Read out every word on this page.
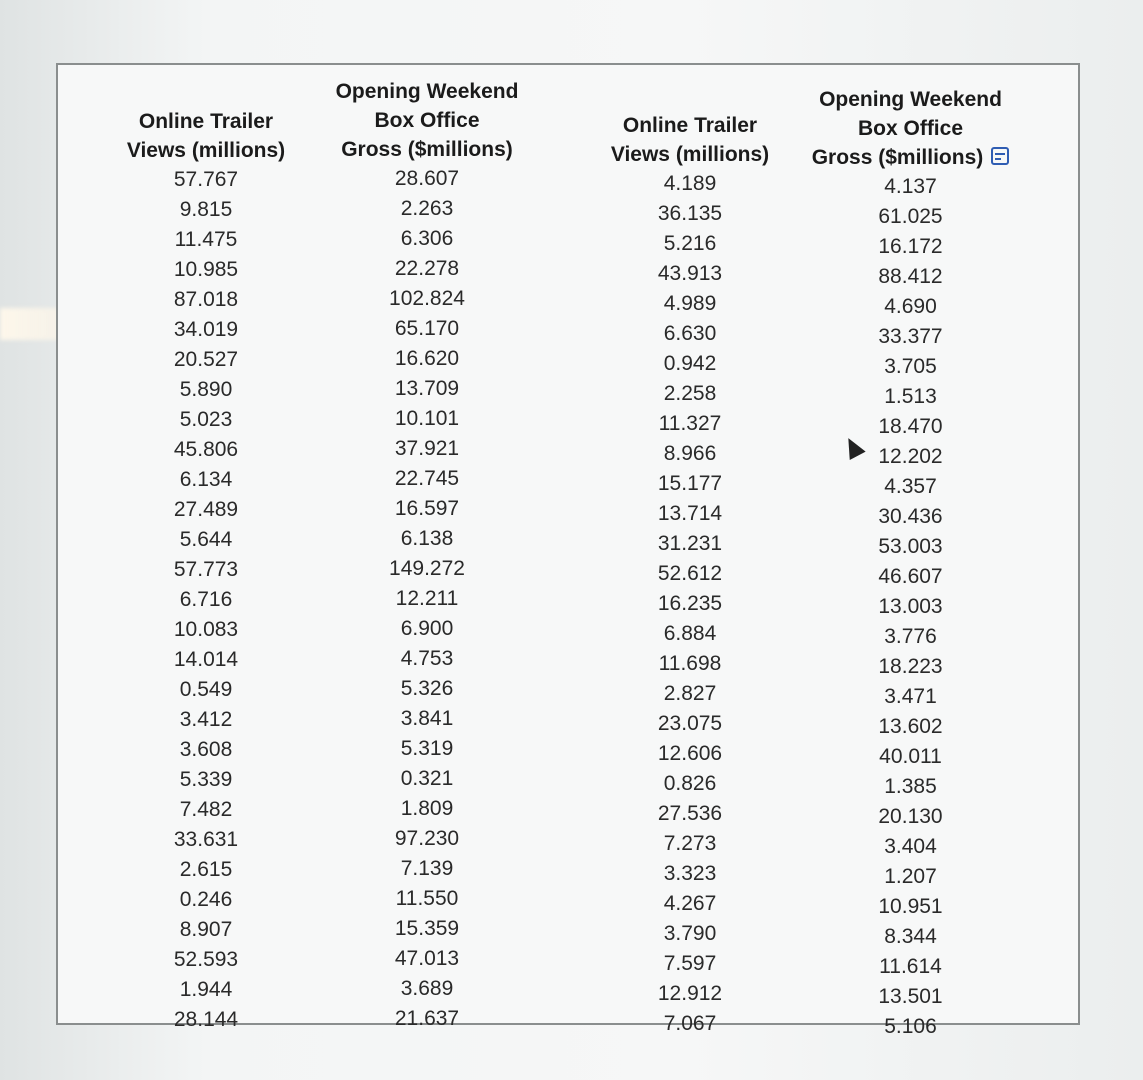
Online Trailer
Views (millions)
57.767
9.815
11.475
10.985
87.018
34.019
20.527
5.890
5.023
45.806
6.134
27.489
5.644
57.773
6.716
10.083
14.014
0.549
3.412
3.608
5.339
7.482
33.631
2.615
0.246
8.907
52.593
1.944
28.144
Opening Weekend
Box Office
Gross ($millions)
28.607
2.263
6.306
22.278
102.824
65.170
16.620
13.709
10.101
37.921
22.745
16.597
6.138
149.272
12.211
6.900
4.753
5.326
3.841
5.319
0.321
1.809
97.230
7.139
11.550
15.359
47.013
3.689
21.637
Online Trailer
Views (millions)
4.189
36.135
5.216
43.913
4.989
6.630
0.942
2.258
11.327
8.966
15.177
13.714
31.231
52.612
16.235
6.884
11.698
2.827
23.075
12.606
0.826
27.536
7.273
3.323
4.267
3.790
7.597
12.912
7.067
Opening Weekend
Box Office
Gross ($millions)
4.137
61.025
16.172
88.412
4.690
33.377
3.705
1.513
18.470
12.202
4.357
30.436
53.003
46.607
13.003
3.776
18.223
3.471
13.602
40.011
1.385
20.130
3.404
1.207
10.951
8.344
11.614
13.501
5.106
